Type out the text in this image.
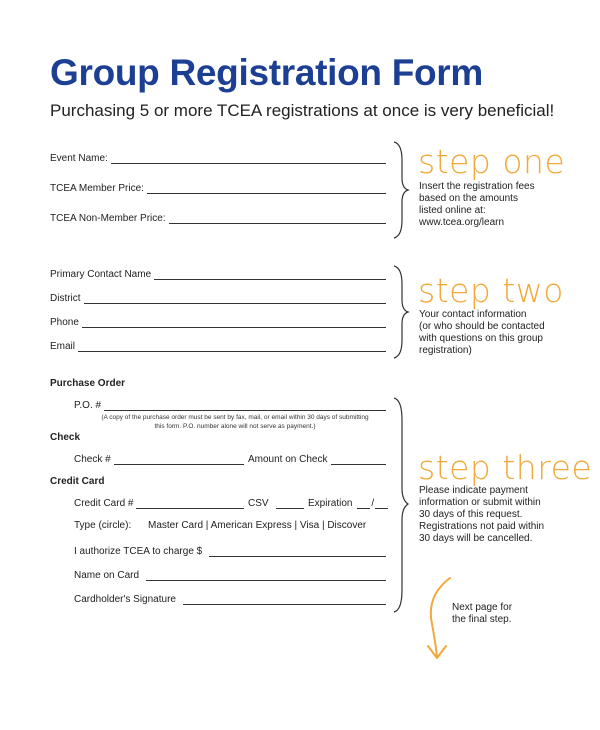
Group Registration Form
Purchasing 5 or more TCEA registrations at once is very beneficial!
Event Name:
TCEA Member Price:
TCEA Non-Member Price:
step one
Insert the registration fees
based on the amounts
listed online at:
www.tcea.org/learn
Primary Contact Name
District
Phone
Email
step two
Your contact information
(or who should be contacted
with questions on this group
registration)
Purchase Order
P.O. #
(A copy of the purchase order must be sent by fax, mail, or email within 30 days of submitting
this form. P.O. number alone will not serve as payment.)
Check
Check #	Amount on Check
Credit Card
Credit Card #	CSV	Expiration /
Type (circle): Master Card | American Express | Visa | Discover
I authorize TCEA to charge $
Name on Card
Cardholder's Signature
step three
Please indicate payment
information or submit within
30 days of this request.
Registrations not paid within
30 days will be cancelled.
Next page for
the final step.
